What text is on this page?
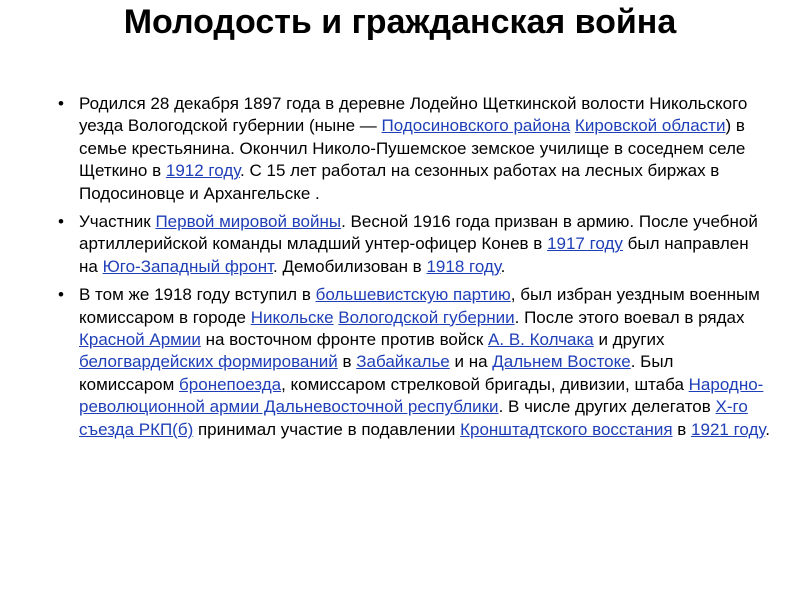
Молодость и гражданская война
• Родился 28 декабря 1897 года в деревне Лодейно Щеткинской волости Никольского уезда Вологодской губернии (ныне — Подосиновского района Кировской области) в семье крестьянина. Окончил Николо-Пушемское земское училище в соседнем селе Щеткино в 1912 году. С 15 лет работал на сезонных работах на лесных биржах в Подосиновце и Архангельске .
• Участник Первой мировой войны. Весной 1916 года призван в армию. После учебной артиллерийской команды младший унтер-офицер Конев в 1917 году был направлен на Юго-Западный фронт. Демобилизован в 1918 году.
• В том же 1918 году вступил в большевистскую партию, был избран уездным военным комиссаром в городе Никольске Вологодской губернии. После этого воевал в рядах Красной Армии на восточном фронте против войск А. В. Колчака и других белогвардейских формирований в Забайкалье и на Дальнем Востоке. Был комиссаром бронепоезда, комиссаром стрелковой бригады, дивизии, штаба Народно-революционной армии Дальневосточной республики. В числе других делегатов X-го съезда РКП(б) принимал участие в подавлении Кронштадтского восстания в 1921 году.
